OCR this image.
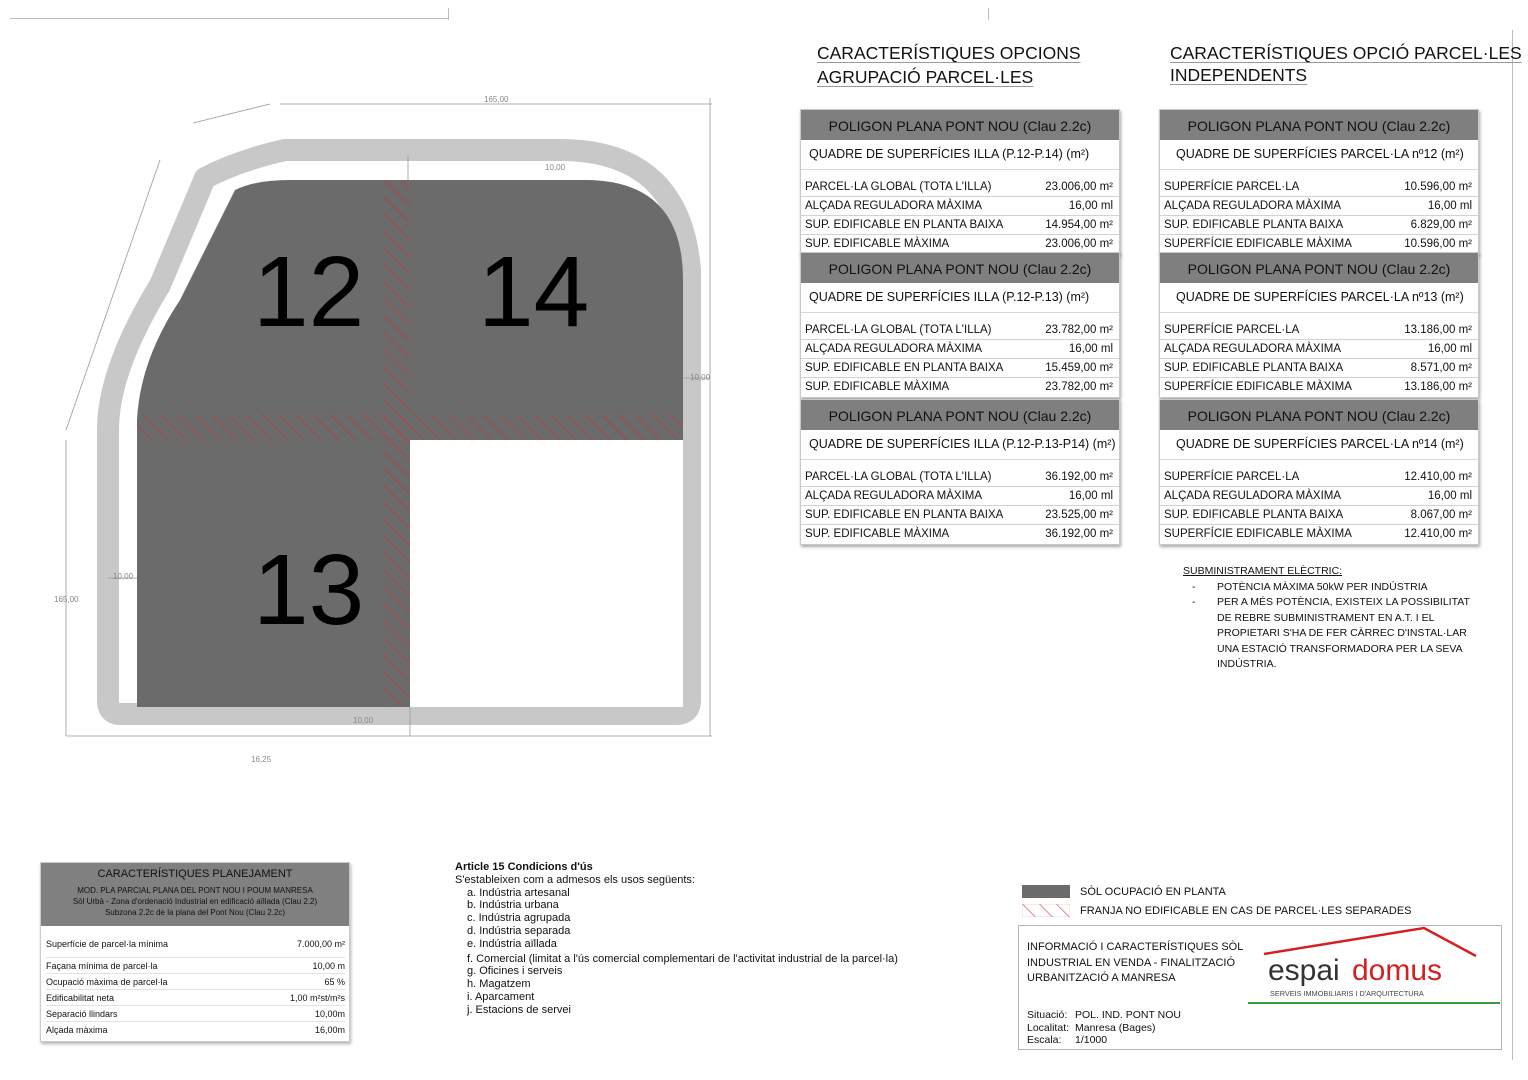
165,00
10,00
10,00
10,00
10,00
16,25
165,00
12 14
13
CARACTERÍSTIQUES OPCIONS
AGRUPACIÓ PARCEL·LES
CARACTERÍSTIQUES OPCIÓ PARCEL·LES
INDEPENDENTS
POLIGON PLANA PONT NOU (Clau 2.2c)
QUADRE DE SUPERFÍCIES ILLA (P.12-P.14) (m²)
PARCEL·LA GLOBAL (TOTA L'ILLA)	23.006,00 m²
ALÇADA REGULADORA MÀXIMA	16,00 ml
SUP. EDIFICABLE EN PLANTA BAIXA	14.954,00 m²
SUP. EDIFICABLE MÀXIMA	23.006,00 m²
POLIGON PLANA PONT NOU (Clau 2.2c)
QUADRE DE SUPERFÍCIES ILLA (P.12-P.13) (m²)
PARCEL·LA GLOBAL (TOTA L'ILLA)	23.782,00 m²
ALÇADA REGULADORA MÀXIMA	16,00 ml
SUP. EDIFICABLE EN PLANTA BAIXA	15.459,00 m²
SUP. EDIFICABLE MÀXIMA	23.782,00 m²
POLIGON PLANA PONT NOU (Clau 2.2c)
QUADRE DE SUPERFÍCIES ILLA (P.12-P.13-P14) (m²)
PARCEL·LA GLOBAL (TOTA L'ILLA)	36.192,00 m²
ALÇADA REGULADORA MÀXIMA	16,00 ml
SUP. EDIFICABLE EN PLANTA BAIXA	23.525,00 m²
SUP. EDIFICABLE MÀXIMA	36.192,00 m²
POLIGON PLANA PONT NOU (Clau 2.2c)
QUADRE DE SUPERFÍCIES PARCEL·LA nº12 (m²)
SUPERFÍCIE PARCEL·LA	10.596,00 m²
ALÇADA REGULADORA MÀXIMA	16,00 ml
SUP. EDIFICABLE PLANTA BAIXA	6.829,00 m²
SUPERFÍCIE EDIFICABLE MÀXIMA	10.596,00 m²
POLIGON PLANA PONT NOU (Clau 2.2c)
QUADRE DE SUPERFÍCIES PARCEL·LA nº13 (m²)
SUPERFÍCIE PARCEL·LA	13.186,00 m²
ALÇADA REGULADORA MÀXIMA	16,00 ml
SUP. EDIFICABLE PLANTA BAIXA	8.571,00 m²
SUPERFÍCIE EDIFICABLE MÀXIMA	13.186,00 m²
POLIGON PLANA PONT NOU (Clau 2.2c)
QUADRE DE SUPERFÍCIES PARCEL·LA nº14 (m²)
SUPERFÍCIE PARCEL·LA	12.410,00 m²
ALÇADA REGULADORA MÀXIMA	16,00 ml
SUP. EDIFICABLE PLANTA BAIXA	8.067,00 m²
SUPERFÍCIE EDIFICABLE MÀXIMA	12.410,00 m²
SUBMINISTRAMENT ELÈCTRIC:
-	POTÈNCIA MÀXIMA 50kW PER INDÚSTRIA
-	PER A MÉS POTÈNCIA, EXISTEIX LA POSSIBILITAT DE REBRE SUBMINISTRAMENT EN A.T. I EL PROPIETARI S'HA DE FER CÀRREC D'INSTAL·LAR UNA ESTACIÓ TRANSFORMADORA PER LA SEVA INDÚSTRIA.
CARACTERÍSTIQUES PLANEJAMENT
MOD. PLA PARCIAL PLANA DEL PONT NOU I POUM MANRESA
Sòl Urbà - Zona d'ordenació Industrial en edificació aïllada (Clau 2.2)
Subzona 2.2c de la plana del Pont Nou (Clau 2.2c)
Superfície de parcel·la mínima	7.000,00 m²
Façana mínima de parcel·la	10,00 m
Ocupació màxima de parcel·la	65 %
Edificabilitat neta	1,00 m²st/m²s
Separació llindars	10,00m
Alçada màxima	16,00m
Article 15 Condicions d'ús
S'estableixen com a admesos els usos següents:
a. Indústria artesanal
b. Indústria urbana
c. Indústria agrupada
d. Indústria separada
e. Indústria aïllada
f. Comercial (limitat a l'ús comercial complementari de l'activitat industrial de la parcel·la)
g. Oficines i serveis
h. Magatzem
i. Aparcament
j. Estacions de servei
SÒL OCUPACIÓ EN PLANTA
FRANJA NO EDIFICABLE EN CAS DE PARCEL·LES SEPARADES
INFORMACIÓ I CARACTERÍSTIQUES SÒL INDUSTRIAL EN VENDA - FINALITZACIÓ URBANITZACIÓ A MANRESA
Situació: POL. IND. PONT NOU
Localitat: Manresa (Bages)
Escala:	1/1000
espai domus
SERVEIS IMMOBILIARIS I D'ARQUITECTURA
